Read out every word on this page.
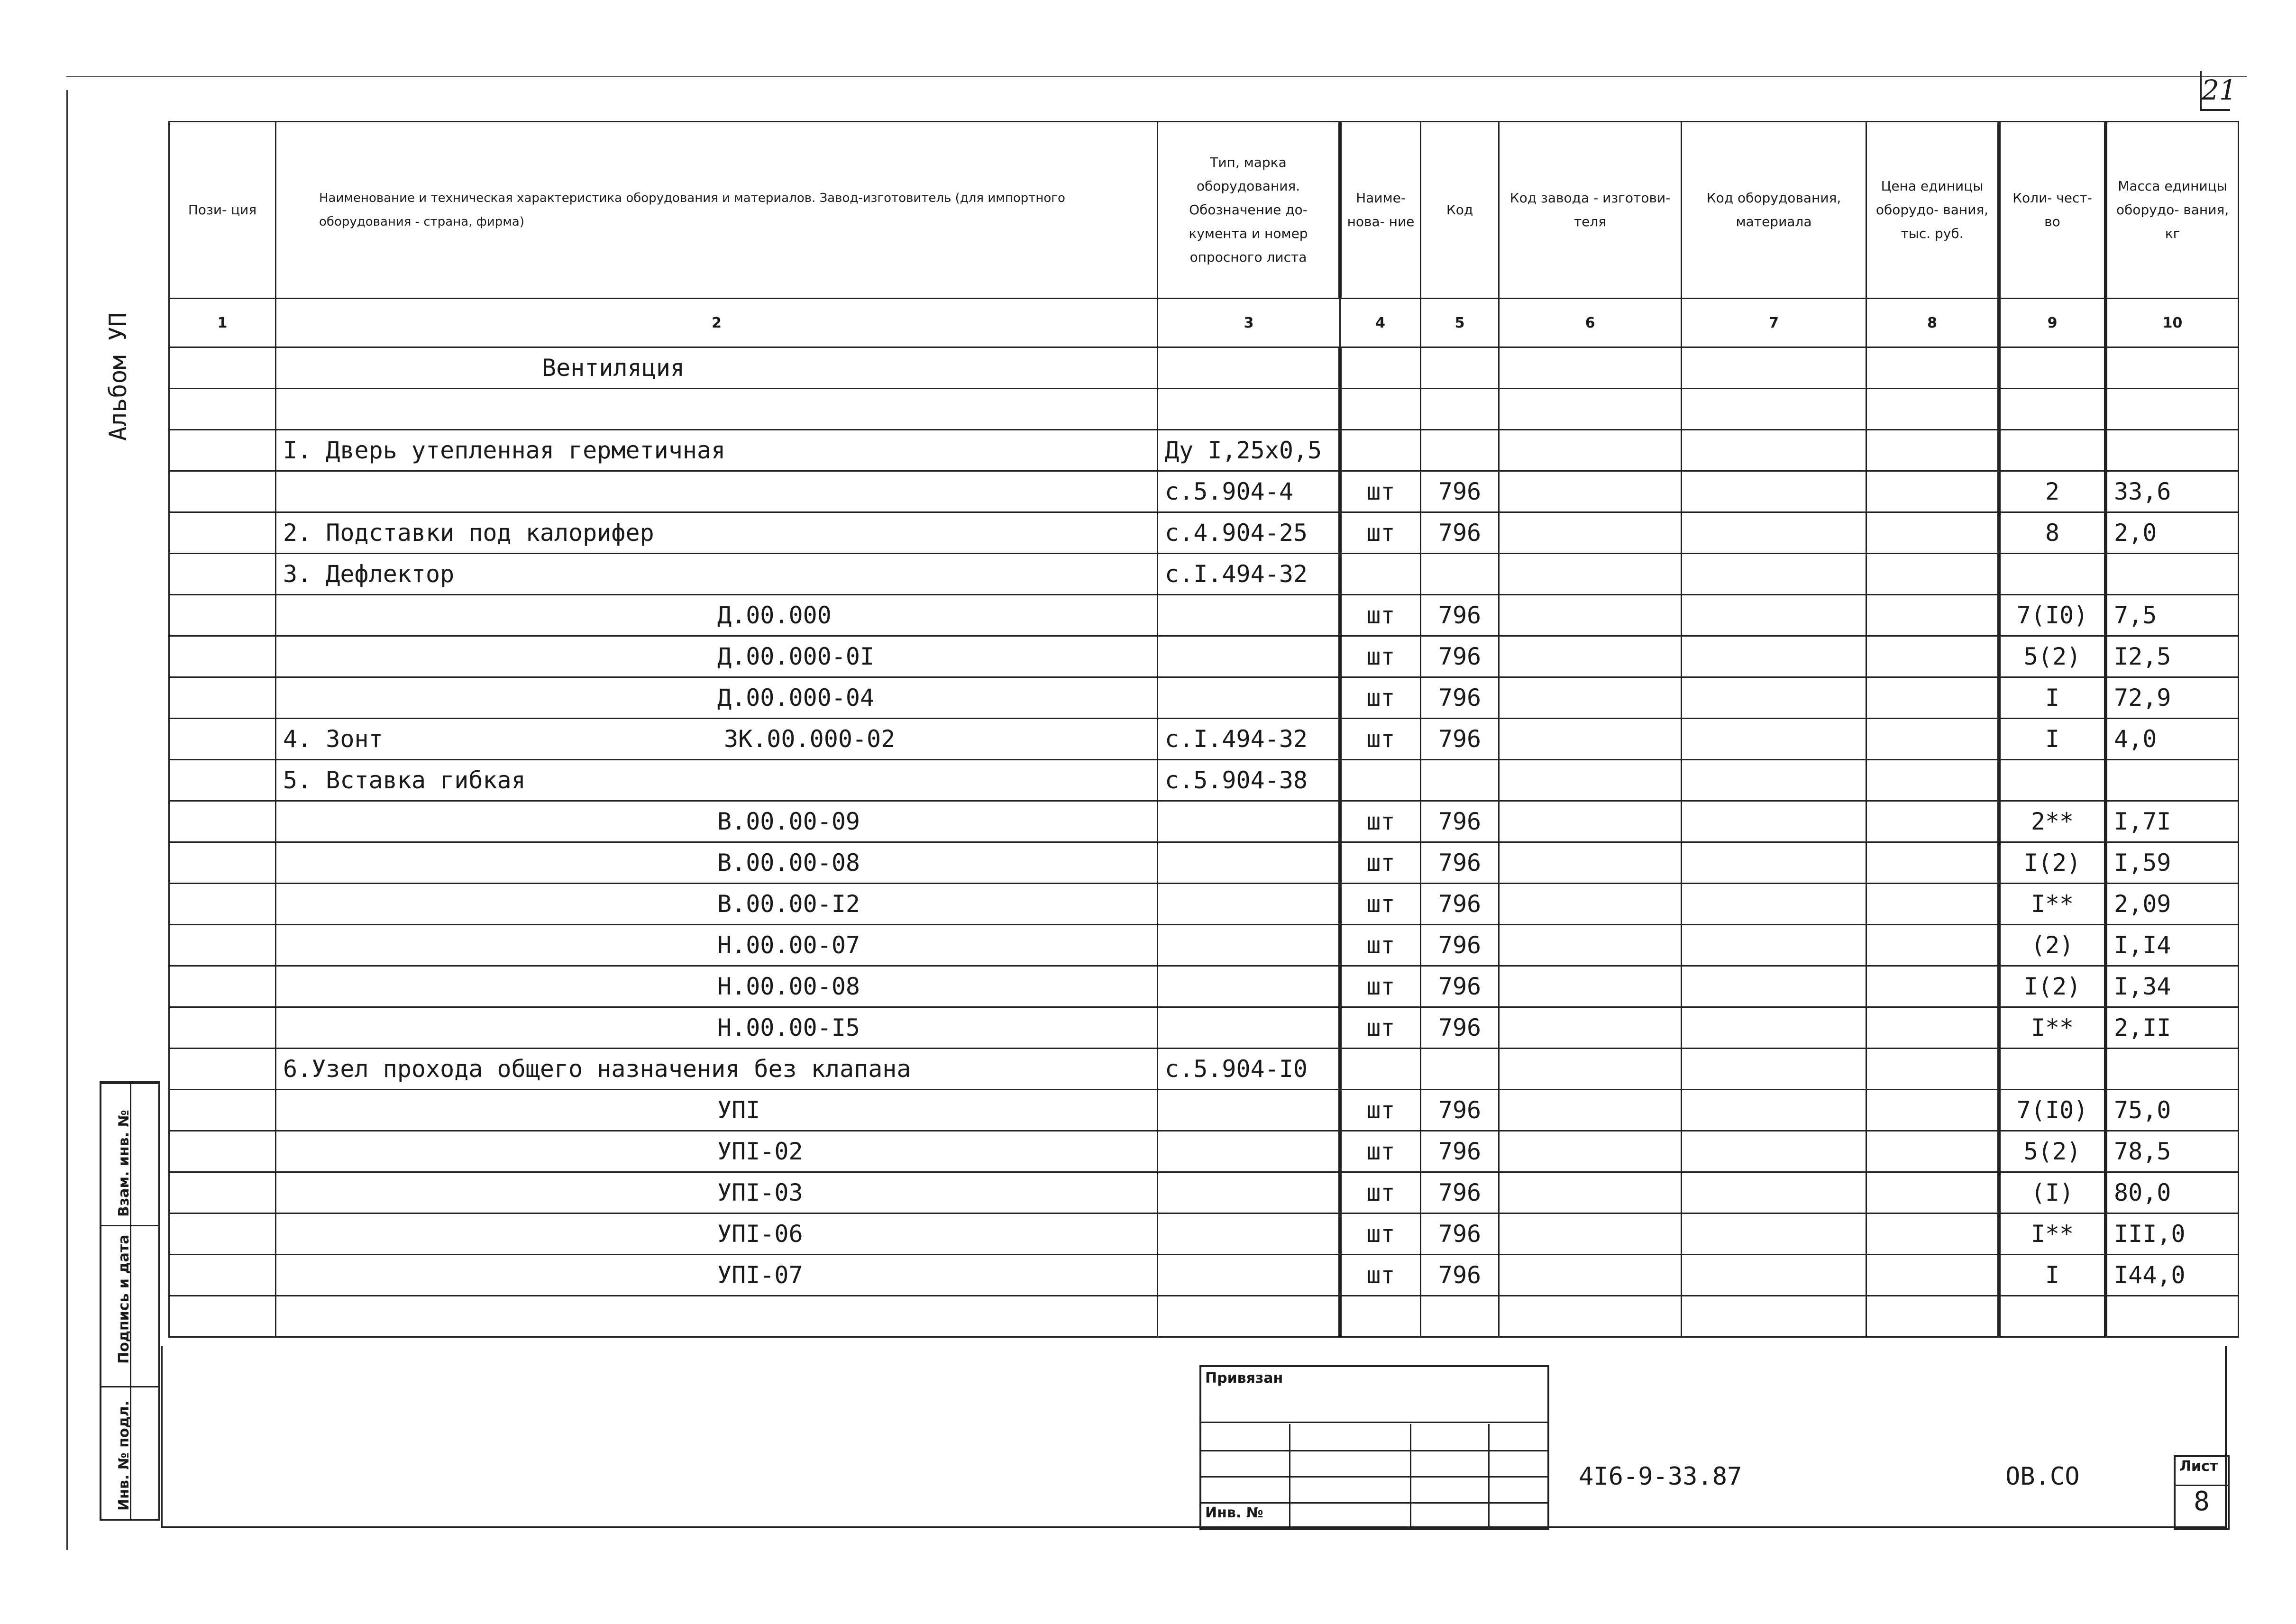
21
Альбом УП
Пози- ция	Наименование и техническая характеристика оборудования и материалов. Завод-изготовитель (для импортного оборудования - страна, фирма)	Тип, марка оборудования. Обозначение до- кумента и номер опросного листа	Наиме- нова- ние	Код	Код завода - изготови- теля	Код оборудования, материала	Цена единицы оборудо- вания, тыс. руб.	Коли- чест- во	Масса единицы оборудо- вания, кг
1	2	3	4	5	6	7	8	9	10
	Вентиляция								

	I. Дверь утепленная герметичная	Ду I,25x0,5							
		с.5.904-4	шт	796				2	33,6
	2. Подставки под калорифер	с.4.904-25	шт	796				8	2,0
	3. Дефлектор	с.I.494-32							
	Д.00.000		шт	796				7(I0)	7,5
	Д.00.000-0I		шт	796				5(2)	I2,5
	Д.00.000-04		шт	796				I	72,9

	4. Зонт ЗК.00.000-02	с.I.494-32	шт	796				I	4,0
	5. Вставка гибкая	с.5.904-38							
	В.00.00-09		шт	796				2**	I,7I
	В.00.00-08		шт	796				I(2)	I,59
	В.00.00-I2		шт	796				I**	2,09
	Н.00.00-07		шт	796				(2)	I,I4
	Н.00.00-08		шт	796				I(2)	I,34
	Н.00.00-I5		шт	796				I**	2,II
	6.Узел прохода общего назначения без клапана	с.5.904-I0							
	УПI		шт	796				7(I0)	75,0
	УПI-02		шт	796				5(2)	78,5
	УПI-03		шт	796				(I)	80,0
	УПI-06		шт	796				I**	III,0
	УПI-07		шт	796				I	I44,0

Взам. инв. №
Подпись и дата
Инв. № подл.
Привязан
Инв. №
4I6-9-33.87	ОВ.СО	Лист
8
